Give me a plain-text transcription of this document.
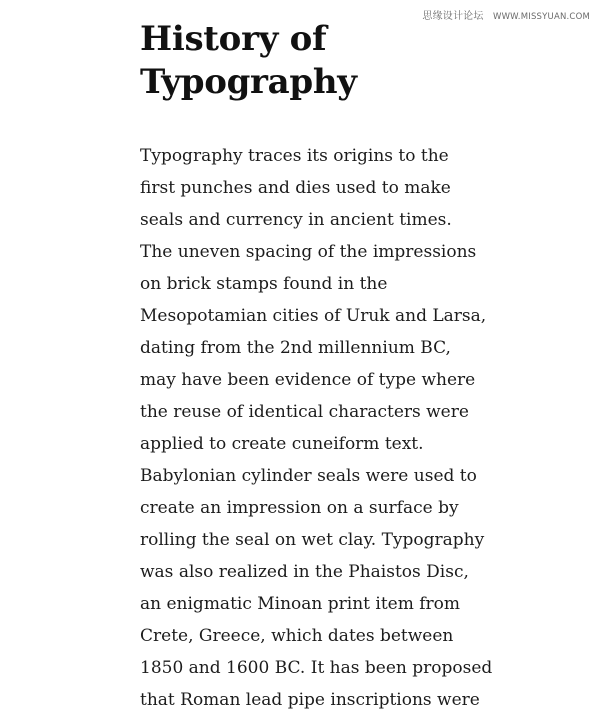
思缘设计论坛 WWW.MISSYUAN.COM
History of
Typography

Typography traces its origins to the
first punches and dies used to make
seals and currency in ancient times.
The uneven spacing of the impressions
on brick stamps found in the
Mesopotamian cities of Uruk and Larsa,
dating from the 2nd millennium BC,
may have been evidence of type where
the reuse of identical characters were
applied to create cuneiform text.
Babylonian cylinder seals were used to
create an impression on a surface by
rolling the seal on wet clay. Typography
was also realized in the Phaistos Disc,
an enigmatic Minoan print item from
Crete, Greece, which dates between
1850 and 1600 BC. It has been proposed
that Roman lead pipe inscriptions were
